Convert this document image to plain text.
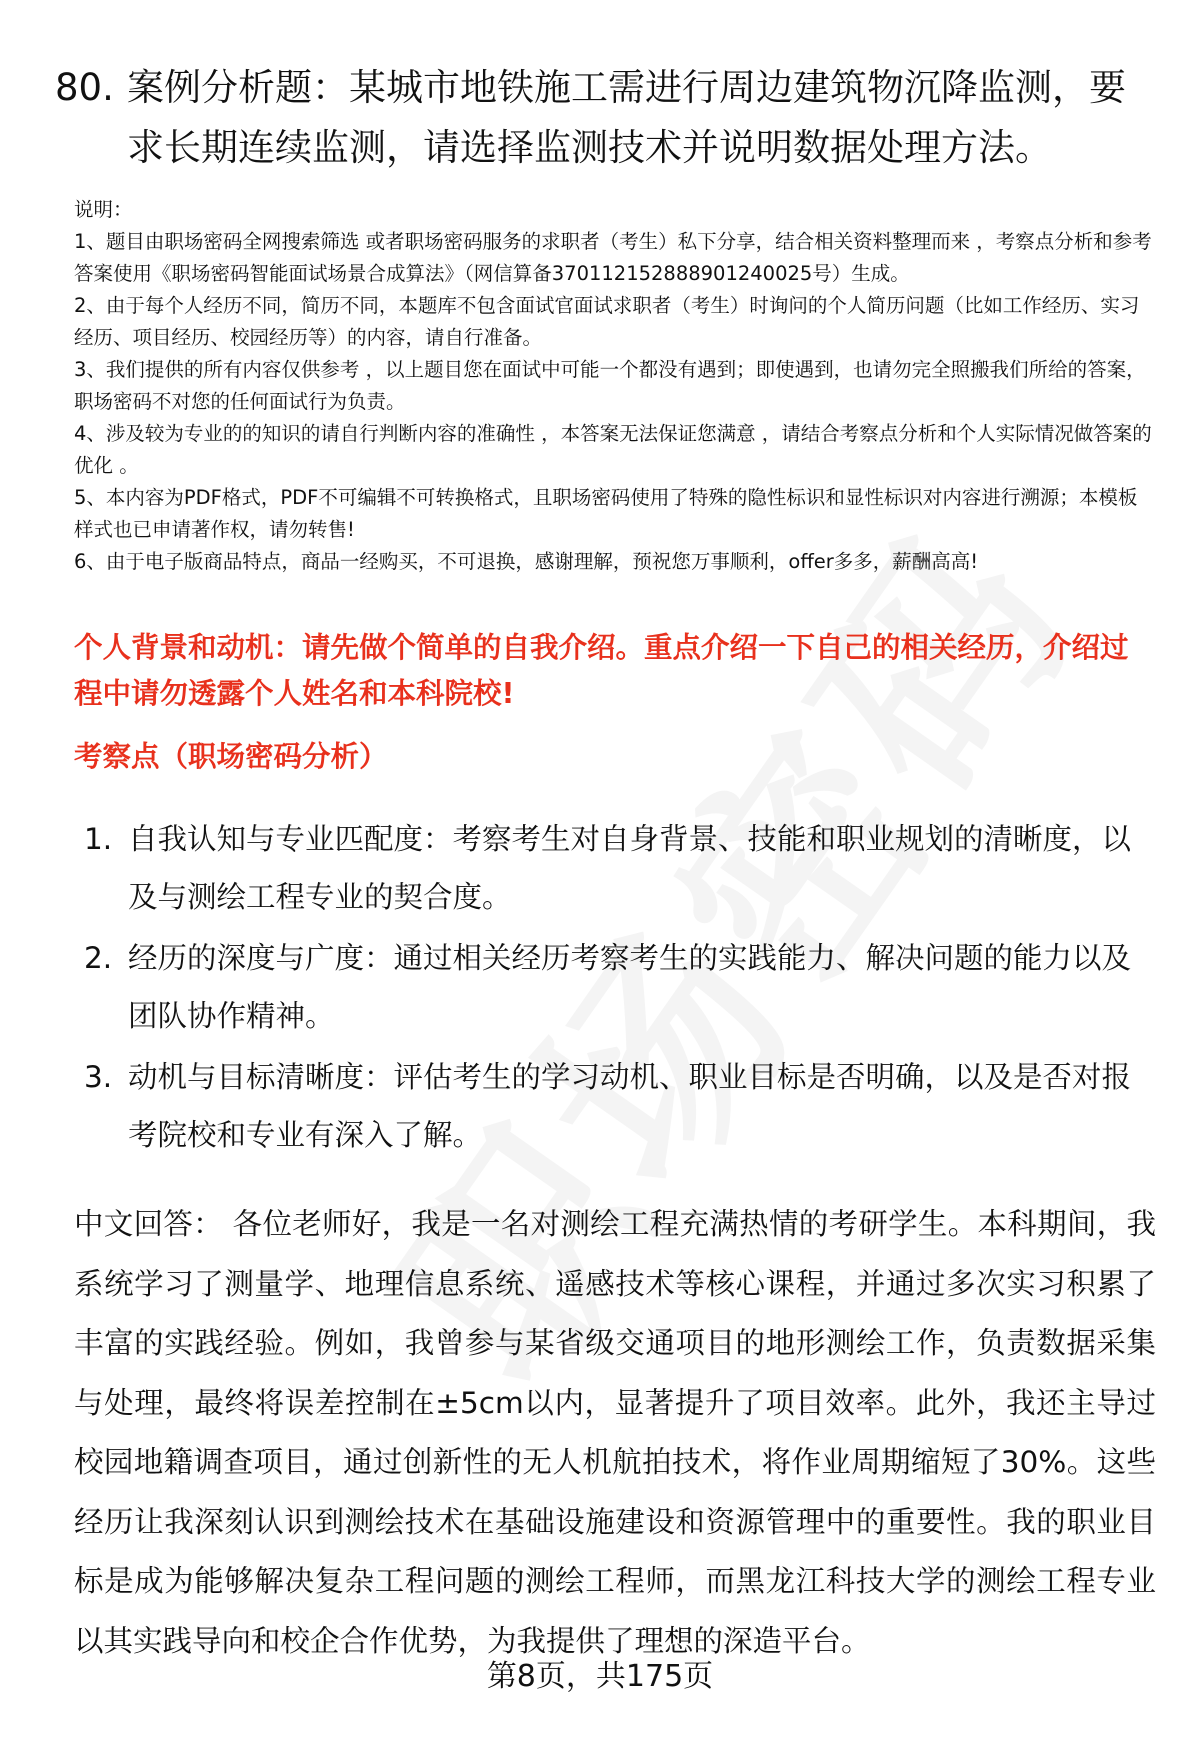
80. 案例分析题：某城市地铁施工需进行周边建筑物沉降监测，要求长期连续监测，请选择监测技术并说明数据处理方法。

说明：

1、题目由职场密码全网搜索筛选 或者职场密码服务的求职者（考生）私下分享，结合相关资料整理而来 ，考察点分析和参考答案使用《职场密码智能面试场景合成算法》（网信算备370112152888901240025号）生成。

2、由于每个人经历不同，简历不同，本题库不包含面试官面试求职者（考生）时询问的个人简历问题（比如工作经历、实习经历、项目经历、校园经历等）的内容，请自行准备。

3、我们提供的所有内容仅供参考 ，以上题目您在面试中可能一个都没有遇到；即使遇到，也请勿完全照搬我们所给的答案，职场密码不对您的任何面试行为负责。

4、涉及较为专业的的知识的请自行判断内容的准确性 ，本答案无法保证您满意 ，请结合考察点分析和个人实际情况做答案的优化 。

5、本内容为PDF格式，PDF不可编辑不可转换格式，且职场密码使用了特殊的隐性标识和显性标识对内容进行溯源；本模板样式也已申请著作权，请勿转售!

6、由于电子版商品特点，商品一经购买，不可退换，感谢理解，预祝您万事顺利，offer多多，薪酬高高!

个人背景和动机：请先做个简单的自我介绍。重点介绍一下自己的相关经历，介绍过程中请勿透露个人姓名和本科院校!
考察点（职场密码分析）
1. 自我认知与专业匹配度：考察考生对自身背景、技能和职业规划的清晰度，以及与测绘工程专业的契合度。
2. 经历的深度与广度：通过相关经历考察考生的实践能力、解决问题的能力以及团队协作精神。
3. 动机与目标清晰度：评估考生的学习动机、职业目标是否明确，以及是否对报考院校和专业有深入了解。
中文回答： 各位老师好，我是一名对测绘工程充满热情的考研学生。本科期间，我系统学习了测量学、地理信息系统、遥感技术等核心课程，并通过多次实习积累了丰富的实践经验。例如，我曾参与某省级交通项目的地形测绘工作，负责数据采集与处理，最终将误差控制在±5cm以内，显著提升了项目效率。此外，我还主导过校园地籍调查项目，通过创新性的无人机航拍技术，将作业周期缩短了30%。这些经历让我深刻认识到测绘技术在基础设施建设和资源管理中的重要性。我的职业目标是成为能够解决复杂工程问题的测绘工程师，而黑龙江科技大学的测绘工程专业以其实践导向和校企合作优势，为我提供了理想的深造平台。
第8页，共175页
